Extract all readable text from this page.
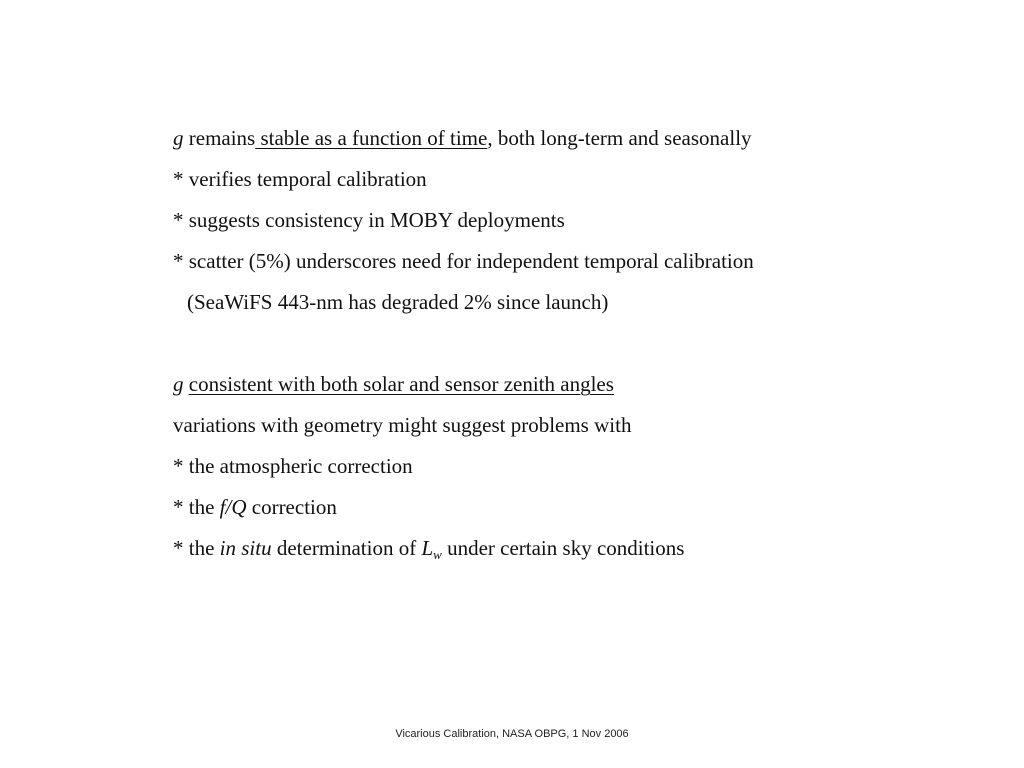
g remains stable as a function of time, both long-term and seasonally
* verifies temporal calibration
* suggests consistency in MOBY deployments
* scatter (5%) underscores need for independent temporal calibration
(SeaWiFS 443-nm has degraded 2% since launch)
g consistent with both solar and sensor zenith angles
variations with geometry might suggest problems with
* the atmospheric correction
* the f/Q correction
* the in situ determination of $L_w$ under certain sky conditions
Vicarious Calibration, NASA OBPG, 1 Nov 2006
